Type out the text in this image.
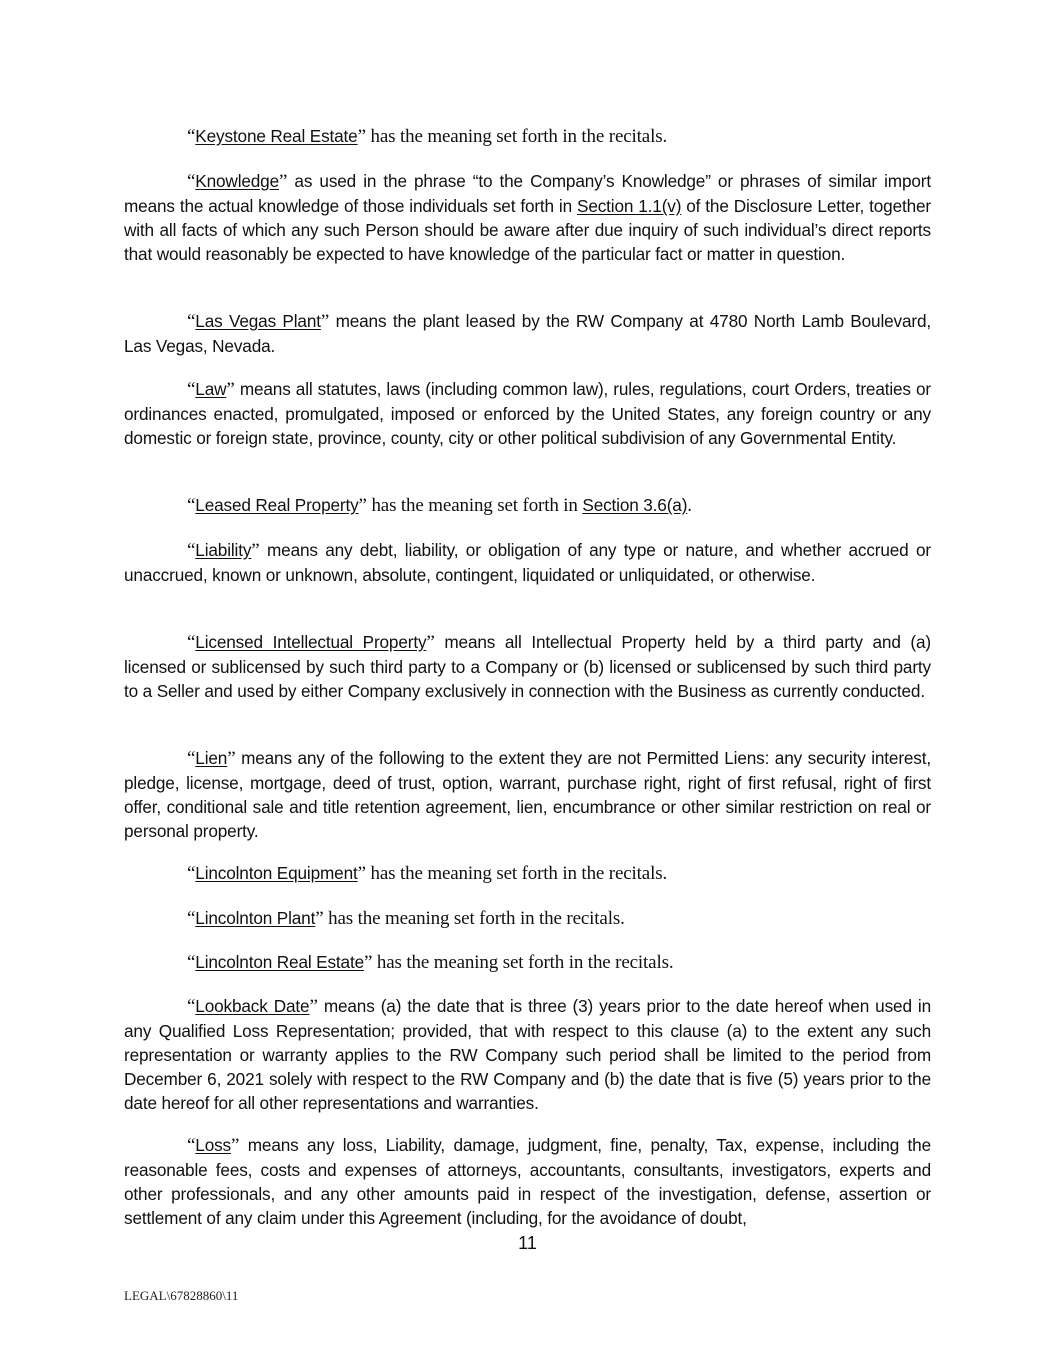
“Keystone Real Estate” has the meaning set forth in the recitals.

“Knowledge” as used in the phrase “to the Company’s Knowledge” or phrases of similar import means the actual knowledge of those individuals set forth in Section 1.1(v) of the Disclosure Letter, together with all facts of which any such Person should be aware after due inquiry of such individual’s direct reports that would reasonably be expected to have knowledge of the particular fact or matter in question.

“Las Vegas Plant” means the plant leased by the RW Company at 4780 North Lamb Boulevard, Las Vegas, Nevada.

“Law” means all statutes, laws (including common law), rules, regulations, court Orders, treaties or ordinances enacted, promulgated, imposed or enforced by the United States, any foreign country or any domestic or foreign state, province, county, city or other political subdivision of any Governmental Entity.

“Leased Real Property” has the meaning set forth in Section 3.6(a).

“Liability” means any debt, liability, or obligation of any type or nature, and whether accrued or unaccrued, known or unknown, absolute, contingent, liquidated or unliquidated, or otherwise.

“Licensed Intellectual Property” means all Intellectual Property held by a third party and (a) licensed or sublicensed by such third party to a Company or (b) licensed or sublicensed by such third party to a Seller and used by either Company exclusively in connection with the Business as currently conducted.

“Lien” means any of the following to the extent they are not Permitted Liens: any security interest, pledge, license, mortgage, deed of trust, option, warrant, purchase right, right of first refusal, right of first offer, conditional sale and title retention agreement, lien, encumbrance or other similar restriction on real or personal property.

“Lincolnton Equipment” has the meaning set forth in the recitals.

“Lincolnton Plant” has the meaning set forth in the recitals.

“Lincolnton Real Estate” has the meaning set forth in the recitals.

“Lookback Date” means (a) the date that is three (3) years prior to the date hereof when used in any Qualified Loss Representation; provided, that with respect to this clause (a) to the extent any such representation or warranty applies to the RW Company such period shall be limited to the period from December 6, 2021 solely with respect to the RW Company and (b) the date that is five (5) years prior to the date hereof for all other representations and warranties.

“Loss” means any loss, Liability, damage, judgment, fine, penalty, Tax, expense, including the reasonable fees, costs and expenses of attorneys, accountants, consultants, investigators, experts and other professionals, and any other amounts paid in respect of the investigation, defense, assertion or settlement of any claim under this Agreement (including, for the avoidance of doubt,

11
LEGAL\67828860\11
